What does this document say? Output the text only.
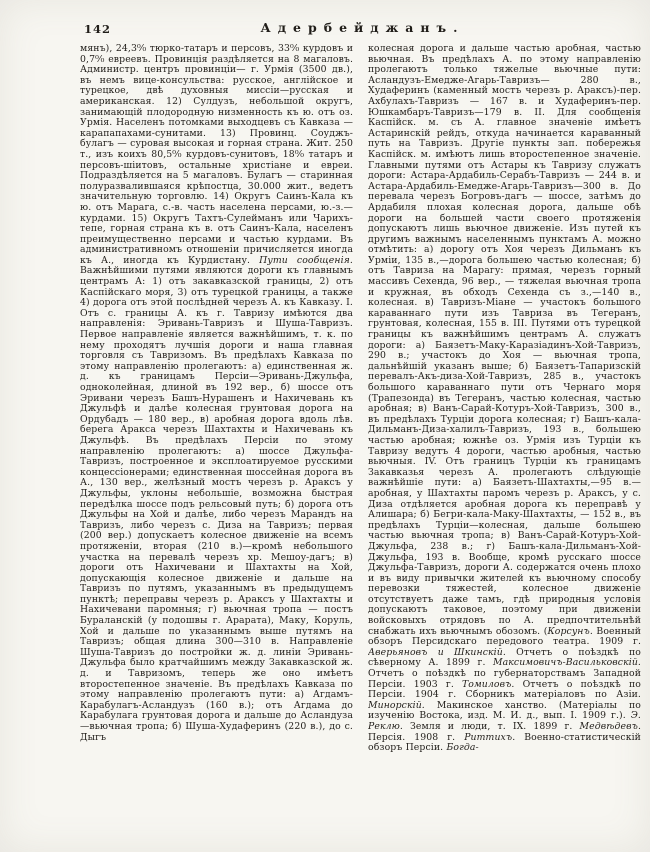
142	Адербейджанъ.
мянъ), 24,3⁰⁄₀ тюрко-татаръ и персовъ, 33⁰⁄₀ курдовъ и 0,7⁰⁄₀ евреевъ. Провинція раздѣляется на 8 магаловъ. Администр. центръ провинціи— г. Урмія (3500 дв.), въ немъ вице-консульства: русское, англійское и турецкое, двѣ духовныя миссіи—русская и американская. 12) Сулдузъ, небольшой округъ, занимающій плодородную низменность къ ю. отъ оз. Урмія. Населенъ потомками выходцевъ съ Кавказа — карапапахами-сунитами. 13) Провинц. Соуджъ-булагъ — суровая высокая и горная страна. Жит. 250 т., изъ коихъ 80,5⁰⁄₀ курдовъ-сунитовъ, 18⁰⁄₀ татаръ и персовъ-шіитовъ, остальные христіане и евреи. Подраздѣляется на 5 магаловъ. Булагъ — старинная полуразвалившаяся крѣпостца, 30.000 жит., ведетъ значительную торговлю. 14) Округъ Саинъ-Кала къ ю. отъ Марага, с.-в. часть населена персами, ю.-з.—курдами. 15) Округъ Тахтъ-Сулейманъ или Чарихъ-тепе, горная страна къ в. отъ Саинъ-Кала, населенъ преимущественно персами и частью курдами. Въ административномъ отношеніи причисляется иногда къ А., иногда къ Курдистану. Пути сообщенія. Важнѣйшими путями являются дороги къ главнымъ центрамъ А: 1) отъ закавказской границы, 2) отъ Каспійскаго моря, 3) отъ турецкой границы, а также 4) дорога отъ этой послѣдней черезъ А. къ Кавказу. I. Отъ с. границы А. къ г. Тавризу имѣются два направленія: Эривань-Тавризъ и Шуша-Тавризъ. Первое направленіе является важнѣйшимъ, т. к. по нему проходятъ лучшія дороги и наша главная торговля съ Тавризомъ. Въ предѣлахъ Кавказа по этому направленію пролегаютъ: а) единственная ж. д. къ границамъ Персіи—Эривань-Джульфа, одноколейная, длиной въ 192 вер., б) шоссе отъ Эривани черезъ Башъ-Нурашенъ и Нахичевань къ Джульфѣ и далѣе колесная грунтовая дорога на Ордубадъ — 180 вер., в) аробная дорога вдоль лѣв. берега Аракса черезъ Шахтахты и Нахичевань къ Джульфѣ. Въ предѣлахъ Персіи по этому направленію пролегаютъ: а) шоссе Джульфа-Тавризъ, построенное и эксплоатируемое русскими концессіонерами; единственная шоссейная дорога въ А., 130 вер., желѣзный мостъ черезъ р. Араксъ у Джульфы, уклоны небольшіе, возможна быстрая передѣлка шоссе подъ рельсовый путь; б) дорога отъ Джульфы на Хой и далѣе, либо черезъ Марандъ на Тавризъ, либо черезъ с. Диза на Тавризъ; первая (200 вер.) допускаетъ колесное движеніе на всемъ протяженіи, вторая (210 в.)—кромѣ небольшого участка на перевалѣ черезъ хр. Мешоу-дагъ; в) дороги отъ Нахичевани и Шахтахты на Хой, допускающія колесное движеніе и дальше на Тавризъ по путямъ, указаннымъ въ предыдущемъ пунктѣ; переправы черезъ р. Араксъ у Шахтахты и Нахичевани паромныя; г) вьючная тропа — постъ Бураланскій (у подошвы г. Арарата), Маку, Коруль, Хой и дальше по указаннымъ выше путямъ на Тавризъ; общая длина 300—310 в. Направленіе Шуша-Тавризъ до постройки ж. д. линіи Эривань-Джульфа было кратчайшимъ между Закавказской ж. д. и Тавризомъ, теперь же оно имѣетъ второстепенное значеніе. Въ предѣлахъ Кавказа по этому направленію пролегаютъ пути: а) Агдамъ-Карабулагъ-Асландузъ (160 в.); отъ Агдама до Карабулага грунтовая дорога и дальше до Асландуза—вьючная тропа; б) Шуша-Худаферинъ (220 в.), до с. Дыгъ
колесная дорога и дальше частью аробная, частью вьючная. Въ предѣлахъ А. по этому направленію пролегаютъ только тяжелые вьючные пути: Асландузъ-Емедже-Агарь-Тавризъ— 280 в., Худаферинъ (каменный мостъ черезъ р. Араксъ)-пер. Ахбулахъ-Тавризъ — 167 в. и Худаферинъ-пер. Юшкамбаръ-Тавризъ—179 в. II. Для сообщенія Каспійск. м. съ А. главное значеніе имѣетъ Астаринскій рейдъ, откуда начинается караванный путь на Тавризъ. Другіе пункты зап. побережья Каспійск. м. имѣютъ лишь второстепенное значеніе. Главными путями отъ Астары къ Тавризу служатъ дороги: Астара-Ардабиль-Серабъ-Тавризъ — 244 в. и Астара-Ардабиль-Емедже-Агарь-Тавризъ—300 в. До перевала черезъ Богровъ-дагъ — шоссе, затѣмъ до Ардабиля плохая колесная дорога, дальше обѣ дороги на большей части своего протяженія допускаютъ лишь вьючное движеніе. Изъ путей къ другимъ важнымъ населеннымъ пунктамъ А. можно отмѣтить: а) дорогу отъ Хоя черезъ Дильманъ къ Урміи, 135 в.,—дорога большею частью колесная; б) отъ Тавриза на Марагу: прямая, черезъ горный массивъ Сехенда, 96 вер., — тяжелая вьючная тропа и кружная, въ обходъ Сехенда съ з.,—140 в., колесная. в) Тавризъ-Міане — участокъ большого караваннаго пути изъ Тавриза въ Тегеранъ, грунтовая, колесная, 155 в. III. Путями отъ турецкой границы къ важнѣйшимъ центрамъ А. служатъ дороги: а) Баязетъ-Маку-Каразіадинъ-Хой-Тавризъ, 290 в.; участокъ до Хоя — вьючная тропа, дальнѣйшій указанъ выше; б) Баязетъ-Тапаризскій перевалъ-Акъ-диза-Хой-Тавризъ, 285 в., участокъ большого караваннаго пути отъ Чернаго моря (Трапезонда) въ Тегеранъ, частью колесная, частью аробная; в) Ванъ-Сарай-Котуръ-Хой-Тавризъ, 300 в., въ предѣлахъ Турціи дорога колесная; г) Башъ-кала-Дильманъ-Диза-халилъ-Тавризъ, 193 в., большею частью аробная; южнѣе оз. Урмія изъ Турціи къ Тавризу ведутъ 4 дороги, частью аробныя, частью вьючныя. IV. Отъ границъ Турціи къ границамъ Закавказья черезъ А. пролегаютъ слѣдующіе важнѣйшіе пути: а) Баязетъ-Шахтахты,—95 в.—аробная, у Шахтахты паромъ черезъ р. Араксъ, у с. Диза отдѣляется аробная дорога къ переправѣ у Алишара; б) Бегри-кала-Маку-Шахтахты, — 152 в., въ предѣлахъ Турціи—колесная, дальше большею частью вьючная тропа; в) Ванъ-Сарай-Котуръ-Хой-Джульфа, 238 в.; г) Башъ-кала-Дильманъ-Хой-Джульфа, 193 в. Вообще, кромѣ русскаго шоссе Джульфа-Тавризъ, дороги А. содержатся очень плохо и въ виду привычки жителей къ вьючному способу перевозки тяжестей, колесное движеніе отсутствуетъ даже тамъ, гдѣ природныя условія допускаютъ таковое, поэтому при движеніи войсковыхъ отрядовъ по А. предпочтительнѣй снабжать ихъ вьючнымъ обозомъ. (Корсунъ. Военный обзоръ Персидскаго передового театра. 1909 г. Аверьяновъ и Шкинскій. Отчетъ о поѣздкѣ по сѣверному А. 1899 г. Максимовичъ-Васильковскій. Отчетъ о поѣздкѣ по губернаторствамъ Западной Персіи. 1903 г. Томиловъ. Отчетъ о поѣздкѣ по Персіи. 1904 г. Сборникъ матеріаловъ по Азіи. Минорскій. Макинское ханство. (Матеріалы по изученію Востока, изд. М. И. д., вып. I. 1909 г.). Э. Реклю. Земля и люди, т. IX. 1899 г. Медвѣдевъ. Персія. 1908 г. Риттихъ. Военно-статистическій обзоръ Персіи. Богда-
